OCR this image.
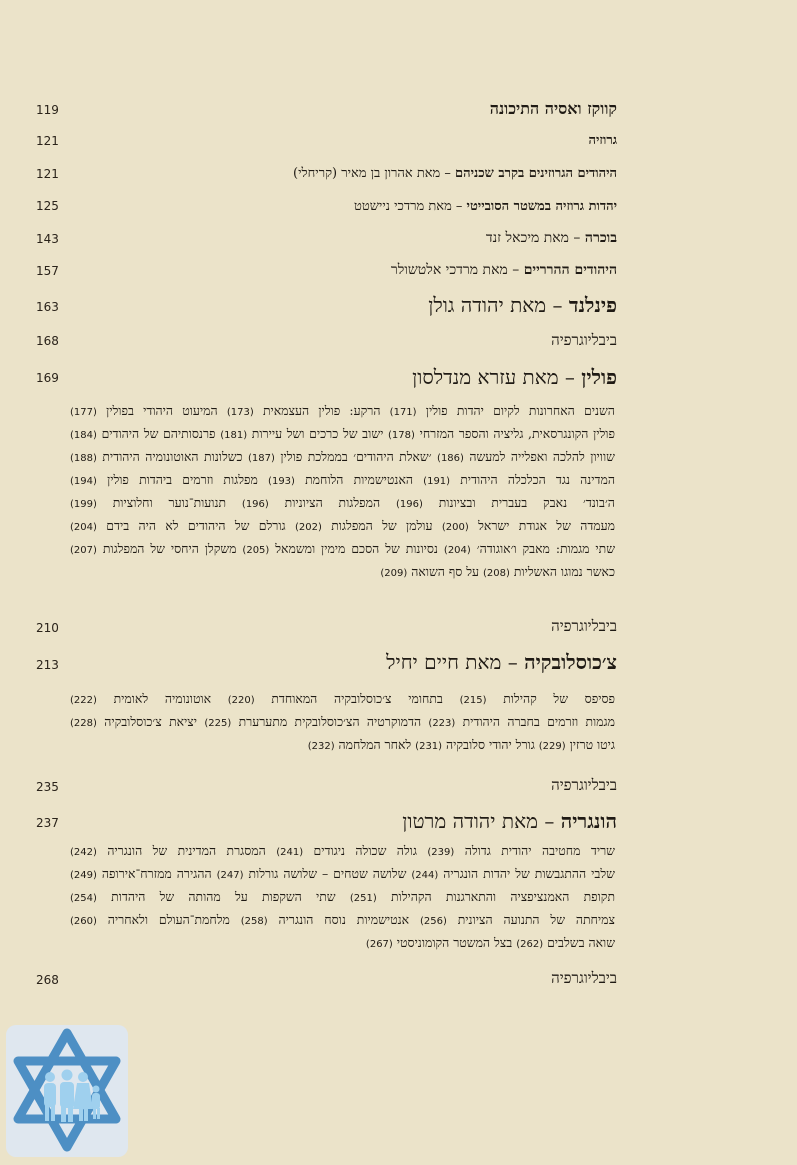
119
121
121
125
143
157
163
168
169
210
213
235
237
268
קווקז ואסיה התיכונה
גרוזיה
היהודים הגרוזינים בקרב שכניהם – מאת אהרון בן מאיר (קריחלי)
יהדות גרוזיה במשטר הסובייטי – מאת מרדכי ניישטט
בוכרה – מאת מיכאל זנד
היהודים ההרריים – מאת מרדכי אלטשולר
פינלנד – מאת יהודה גולן
ביבליוגרפיה
פולין – מאת עזרא מנדלסון
השנים האחרונות לקיום יהדות פולין (171) הרקע: פולין העצמאית (173) המיעוט היהודי בפולין (177) פולין הקונגרסאית, גליציה והספר המזרחי (178) ישוב של כרכים ושל עיירות (181) פרנסותיהם של היהודים (184) שוויון להלכה ואפלייה למעשה (186) ׳שאלת היהודים׳ בממלכת פולין (187) כשלונות האוטונומיה היהודית (188) המדינה נגד הכלכלה היהודית (191) האנטישמיות הלוחמת (193) מפלגות וזרמים ביהדות פולין (194) ה׳בונד׳ נאבק בעברית ובציונות (196) המפלגות הציוניות (196) תנועות־נוער וחלוציות (199) מעמדה של אגודת ישראל (200) עולמן של המפלגות (202) גורלם של היהודים לא היה בידם (204) שתי מגמות: מאבק ו׳אוגודה׳ (204) נסיונות של הסכם מימין ומשמאל (205) משקלן היחסי של המפלגות (207) כאשר נמוגו האשליות (208) על סף השואה (209)
ביבליוגרפיה
צ׳כוסלובקיה – מאת חיים יחיל
פסיפס של קהילות (215) בתחומי צ׳כוסלובקיה המאוחדת (220) אוטונומיה לאומית (222) מגמות וזרמים בחברה היהודית (223) הדמוקרטיה הצ׳כוסלובקית מתערערת (225) יציאת צ׳כוסלובקיה (228) גיטו טרזין (229) גורל יהודי סלובקיה (231) לאחר המלחמה (232)
ביבליוגרפיה
הונגריה – מאת יהודה מרטון
שריד מחטיבה יהודית גדולה (239) גולה שכולה ניגודים (241) המסגרת המדינית של הונגריה (242) שלבי ההתגבשות של יהדות הונגריה (244) שלושה שטחים – שלושה גורלות (247) ההגירה ממזרח־אירופה (249) תקופת האמנציפציה והתארגנות הקהילות (251) שתי השקפות על מהותה של היהדות (254) צמיחתה של התנועה הציונית (256) אנטישמיות נוסח הונגריה (258) מלחמת־העולם ולאחריה (260) שואה בשלבים (262) בצל המשטר הקומוניסטי (267)
ביבליוגרפיה
